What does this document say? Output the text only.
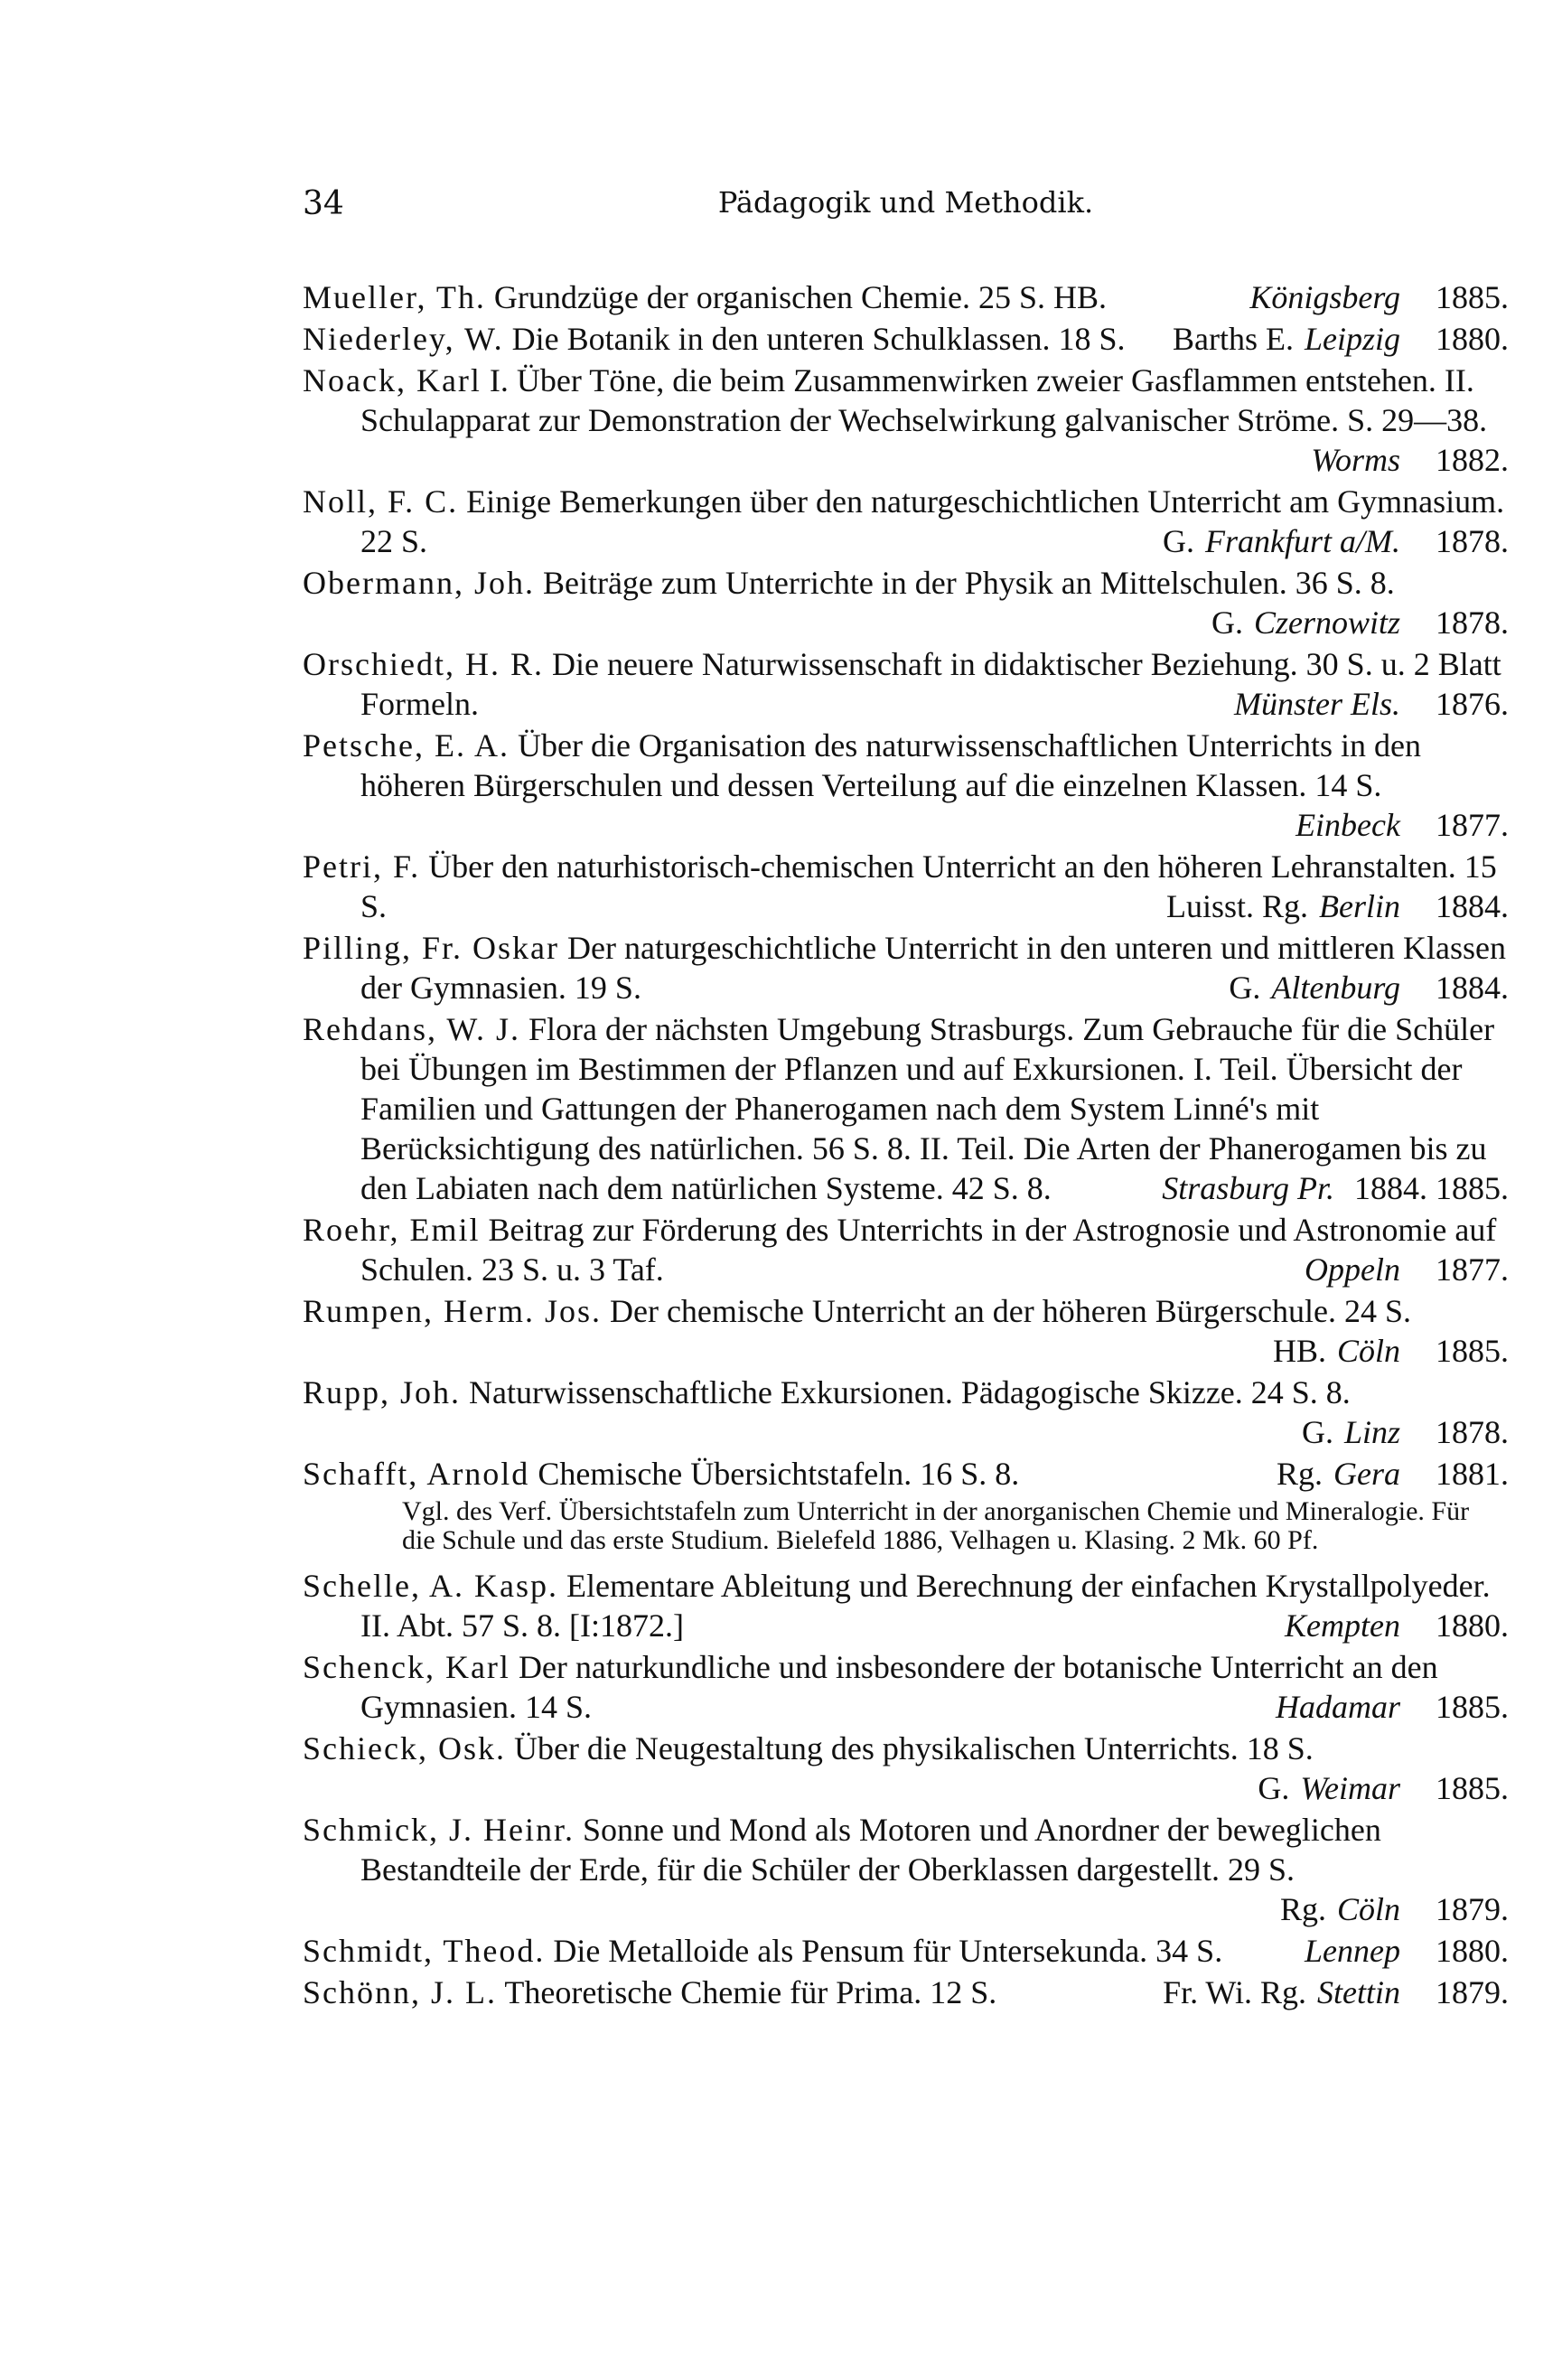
34	Pädagogik und Methodik.
Mueller, Th. Grundzüge der organischen Chemie. 25 S. HB.	Königsberg 1885.
Niederley, W. Die Botanik in den unteren Schulklassen. 18 S. Barths E. Leipzig 1880.
Noack, Karl I. Über Töne, die beim Zusammenwirken zweier Gasflammen entstehen. II. Schulapparat zur Demonstration der Wechselwirkung galvanischer Ströme. S. 29—38.
Worms 1882.
Noll, F. C. Einige Bemerkungen über den naturgeschichtlichen Unterricht am Gymnasium. 22 S.	G. Frankfurt a/M. 1878.
Obermann, Joh. Beiträge zum Unterrichte in der Physik an Mittelschulen. 36 S. 8.
G. Czernowitz 1878.
Orschiedt, H. R. Die neuere Naturwissenschaft in didaktischer Beziehung. 30 S. u. 2 Blatt Formeln.	Münster Els. 1876.
Petsche, E. A. Über die Organisation des naturwissenschaftlichen Unterrichts in den höheren Bürgerschulen und dessen Verteilung auf die einzelnen Klassen. 14 S.
Einbeck 1877.
Petri, F. Über den naturhistorisch-chemischen Unterricht an den höheren Lehranstalten. 15 S.	Luisst. Rg. Berlin 1884.
Pilling, Fr. Oskar Der naturgeschichtliche Unterricht in den unteren und mittleren Klassen der Gymnasien. 19 S.	G. Altenburg 1884.
Rehdans, W. J. Flora der nächsten Umgebung Strasburgs. Zum Gebrauche für die Schüler bei Übungen im Bestimmen der Pflanzen und auf Exkursionen. I. Teil. Übersicht der Familien und Gattungen der Phanerogamen nach dem System Linné's mit Berücksichtigung des natürlichen. 56 S. 8. II. Teil. Die Arten der Phanerogamen bis zu den Labiaten nach dem natürlichen Systeme. 42 S. 8.	Strasburg Pr. 1884. 1885.
Roehr, Emil Beitrag zur Förderung des Unterrichts in der Astrognosie und Astronomie auf Schulen. 23 S. u. 3 Taf.	Oppeln 1877.
Rumpen, Herm. Jos. Der chemische Unterricht an der höheren Bürgerschule. 24 S.
HB. Cöln 1885.
Rupp, Joh. Naturwissenschaftliche Exkursionen. Pädagogische Skizze. 24 S. 8.
G. Linz 1878.
Schafft, Arnold Chemische Übersichtstafeln. 16 S. 8.	Rg. Gera 1881.
Vgl. des Verf. Übersichtstafeln zum Unterricht in der anorganischen Chemie und Mineralogie. Für die Schule und das erste Studium. Bielefeld 1886, Velhagen u. Klasing. 2 Mk. 60 Pf.
Schelle, A. Kasp. Elementare Ableitung und Berechnung der einfachen Krystallpolyeder. II. Abt. 57 S. 8. [I:1872.]	Kempten 1880.
Schenck, Karl Der naturkundliche und insbesondere der botanische Unterricht an den Gymnasien. 14 S.	Hadamar 1885.
Schieck, Osk. Über die Neugestaltung des physikalischen Unterrichts. 18 S.
G. Weimar 1885.
Schmick, J. Heinr. Sonne und Mond als Motoren und Anordner der beweglichen Bestandteile der Erde, für die Schüler der Oberklassen dargestellt. 29 S.
Rg. Cöln 1879.
Schmidt, Theod. Die Metalloide als Pensum für Untersekunda. 34 S.	Lennep 1880.
Schönn, J. L. Theoretische Chemie für Prima. 12 S.	Fr. Wi. Rg. Stettin 1879.
